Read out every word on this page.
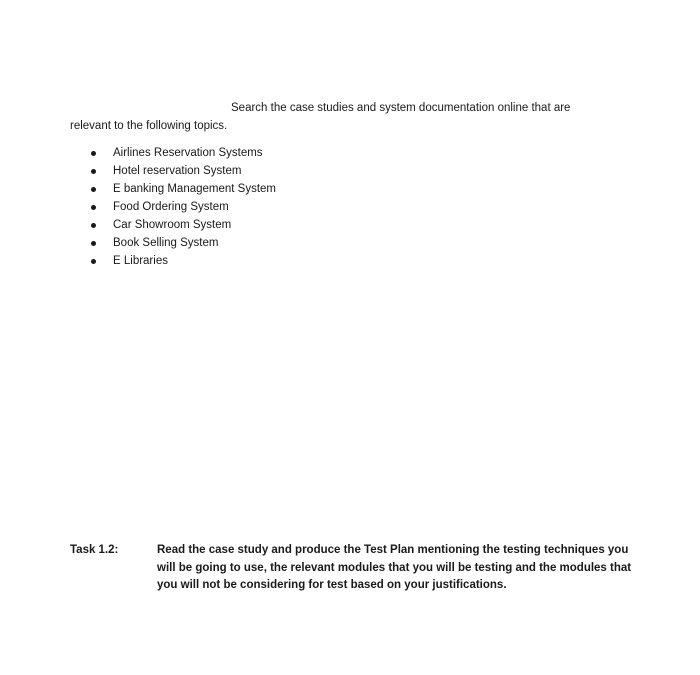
Search the case studies and system documentation online that are
relevant to the following topics.
Airlines Reservation Systems
Hotel reservation System
E banking Management System
Food Ordering System
Car Showroom System
Book Selling System
E Libraries
Task 1.2:	Read the case study and produce the Test Plan mentioning the testing techniques you will be going to use, the relevant modules that you will be testing and the modules that you will not be considering for test based on your justifications.
